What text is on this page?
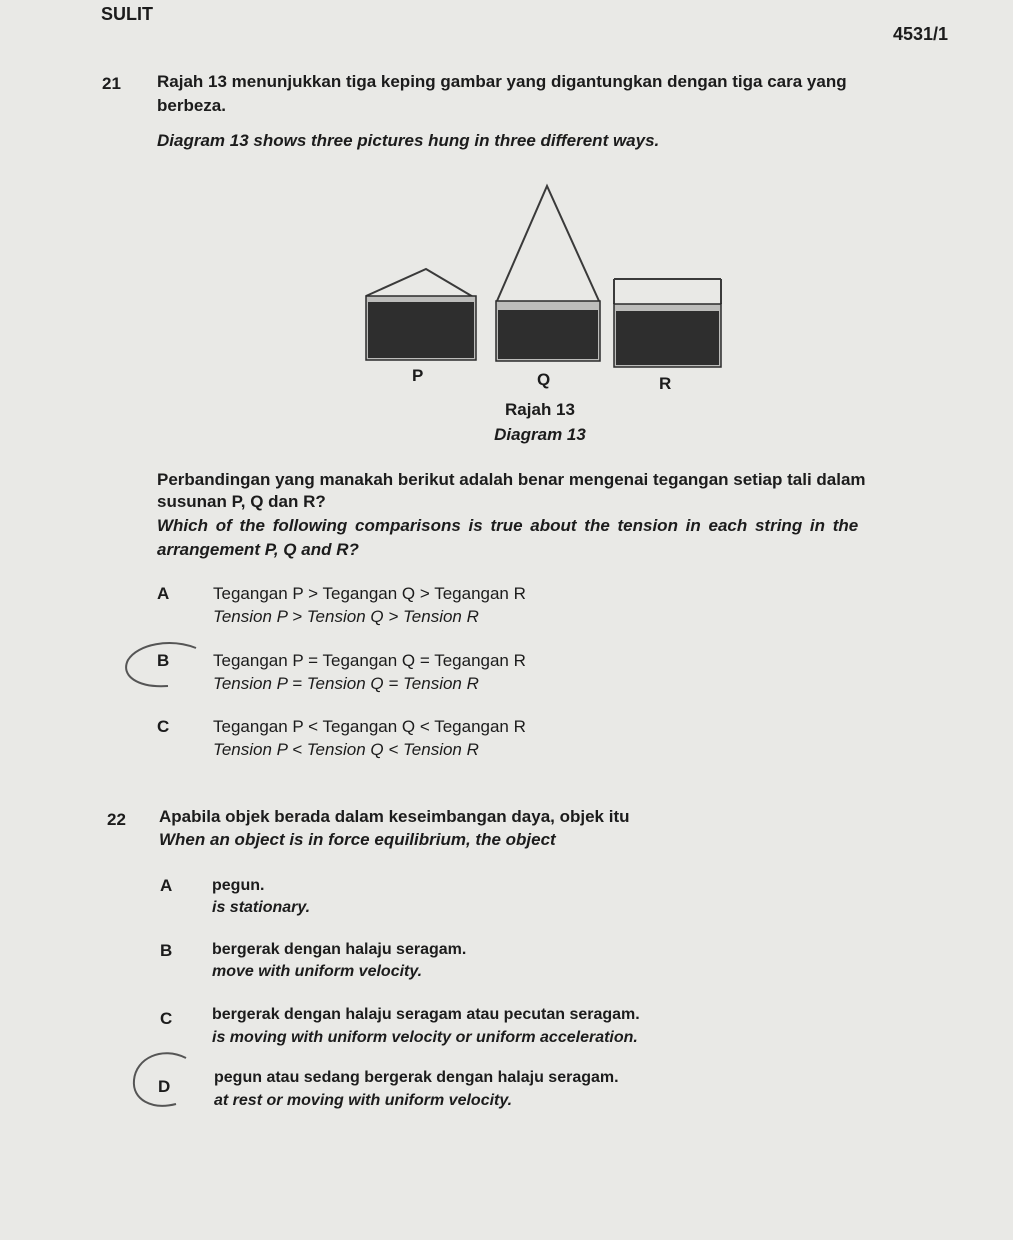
SULIT
4531/1
21 Rajah 13 menunjukkan tiga keping gambar yang digantungkan dengan tiga cara yang
berbeza.
Diagram 13 shows three pictures hung in three different ways.
P	Q	R
Rajah 13
Diagram 13
Perbandingan yang manakah berikut adalah benar mengenai tegangan setiap tali dalam
susunan P, Q dan R?
Which of the following comparisons is true about the tension in each string in the
arrangement P, Q and R?
A	Tegangan P > Tegangan Q > Tegangan R
Tension P > Tension Q > Tension R
B	Tegangan P = Tegangan Q = Tegangan R
Tension P = Tension Q = Tension R
C	Tegangan P < Tegangan Q < Tegangan R
Tension P < Tension Q < Tension R
22 Apabila objek berada dalam keseimbangan daya, objek itu
When an object is in force equilibrium, the object
A pegun.
is stationary.
B bergerak dengan halaju seragam.
move with uniform velocity.
C bergerak dengan halaju seragam atau pecutan seragam.
is moving with uniform velocity or uniform acceleration.
D	pegun atau sedang bergerak dengan halaju seragam.
at rest or moving with uniform velocity.
